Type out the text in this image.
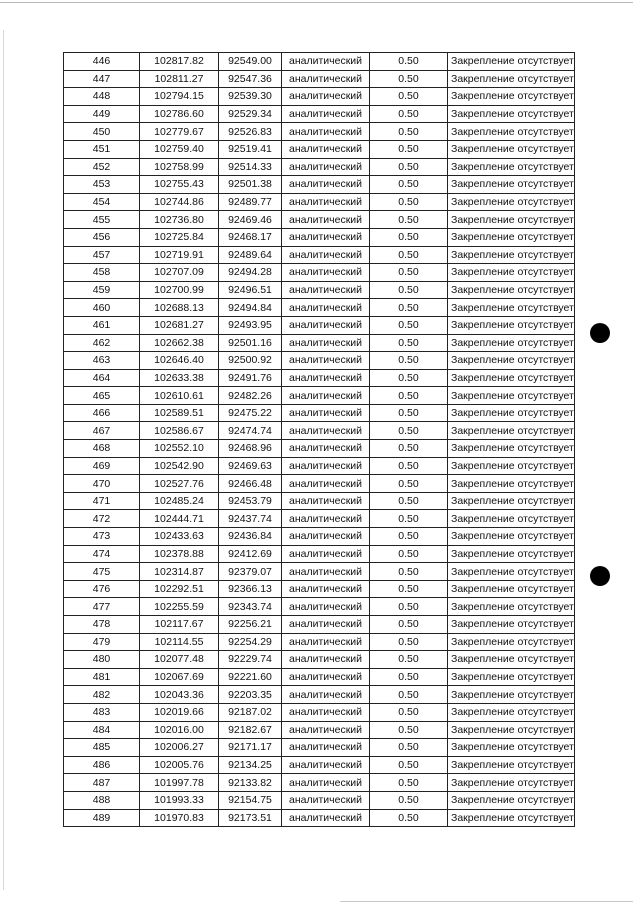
446	102817.82	92549.00	аналитический	0.50	Закрепление отсутствует
447	102811.27	92547.36	аналитический	0.50	Закрепление отсутствует
448	102794.15	92539.30	аналитический	0.50	Закрепление отсутствует
449	102786.60	92529.34	аналитический	0.50	Закрепление отсутствует
450	102779.67	92526.83	аналитический	0.50	Закрепление отсутствует
451	102759.40	92519.41	аналитический	0.50	Закрепление отсутствует
452	102758.99	92514.33	аналитический	0.50	Закрепление отсутствует
453	102755.43	92501.38	аналитический	0.50	Закрепление отсутствует
454	102744.86	92489.77	аналитический	0.50	Закрепление отсутствует
455	102736.80	92469.46	аналитический	0.50	Закрепление отсутствует
456	102725.84	92468.17	аналитический	0.50	Закрепление отсутствует
457	102719.91	92489.64	аналитический	0.50	Закрепление отсутствует
458	102707.09	92494.28	аналитический	0.50	Закрепление отсутствует
459	102700.99	92496.51	аналитический	0.50	Закрепление отсутствует
460	102688.13	92494.84	аналитический	0.50	Закрепление отсутствует
461	102681.27	92493.95	аналитический	0.50	Закрепление отсутствует
462	102662.38	92501.16	аналитический	0.50	Закрепление отсутствует
463	102646.40	92500.92	аналитический	0.50	Закрепление отсутствует
464	102633.38	92491.76	аналитический	0.50	Закрепление отсутствует
465	102610.61	92482.26	аналитический	0.50	Закрепление отсутствует
466	102589.51	92475.22	аналитический	0.50	Закрепление отсутствует
467	102586.67	92474.74	аналитический	0.50	Закрепление отсутствует
468	102552.10	92468.96	аналитический	0.50	Закрепление отсутствует
469	102542.90	92469.63	аналитический	0.50	Закрепление отсутствует
470	102527.76	92466.48	аналитический	0.50	Закрепление отсутствует
471	102485.24	92453.79	аналитический	0.50	Закрепление отсутствует
472	102444.71	92437.74	аналитический	0.50	Закрепление отсутствует
473	102433.63	92436.84	аналитический	0.50	Закрепление отсутствует
474	102378.88	92412.69	аналитический	0.50	Закрепление отсутствует
475	102314.87	92379.07	аналитический	0.50	Закрепление отсутствует
476	102292.51	92366.13	аналитический	0.50	Закрепление отсутствует
477	102255.59	92343.74	аналитический	0.50	Закрепление отсутствует
478	102117.67	92256.21	аналитический	0.50	Закрепление отсутствует
479	102114.55	92254.29	аналитический	0.50	Закрепление отсутствует
480	102077.48	92229.74	аналитический	0.50	Закрепление отсутствует
481	102067.69	92221.60	аналитический	0.50	Закрепление отсутствует
482	102043.36	92203.35	аналитический	0.50	Закрепление отсутствует
483	102019.66	92187.02	аналитический	0.50	Закрепление отсутствует
484	102016.00	92182.67	аналитический	0.50	Закрепление отсутствует
485	102006.27	92171.17	аналитический	0.50	Закрепление отсутствует
486	102005.76	92134.25	аналитический	0.50	Закрепление отсутствует
487	101997.78	92133.82	аналитический	0.50	Закрепление отсутствует
488	101993.33	92154.75	аналитический	0.50	Закрепление отсутствует
489	101970.83	92173.51	аналитический	0.50	Закрепление отсутствует
